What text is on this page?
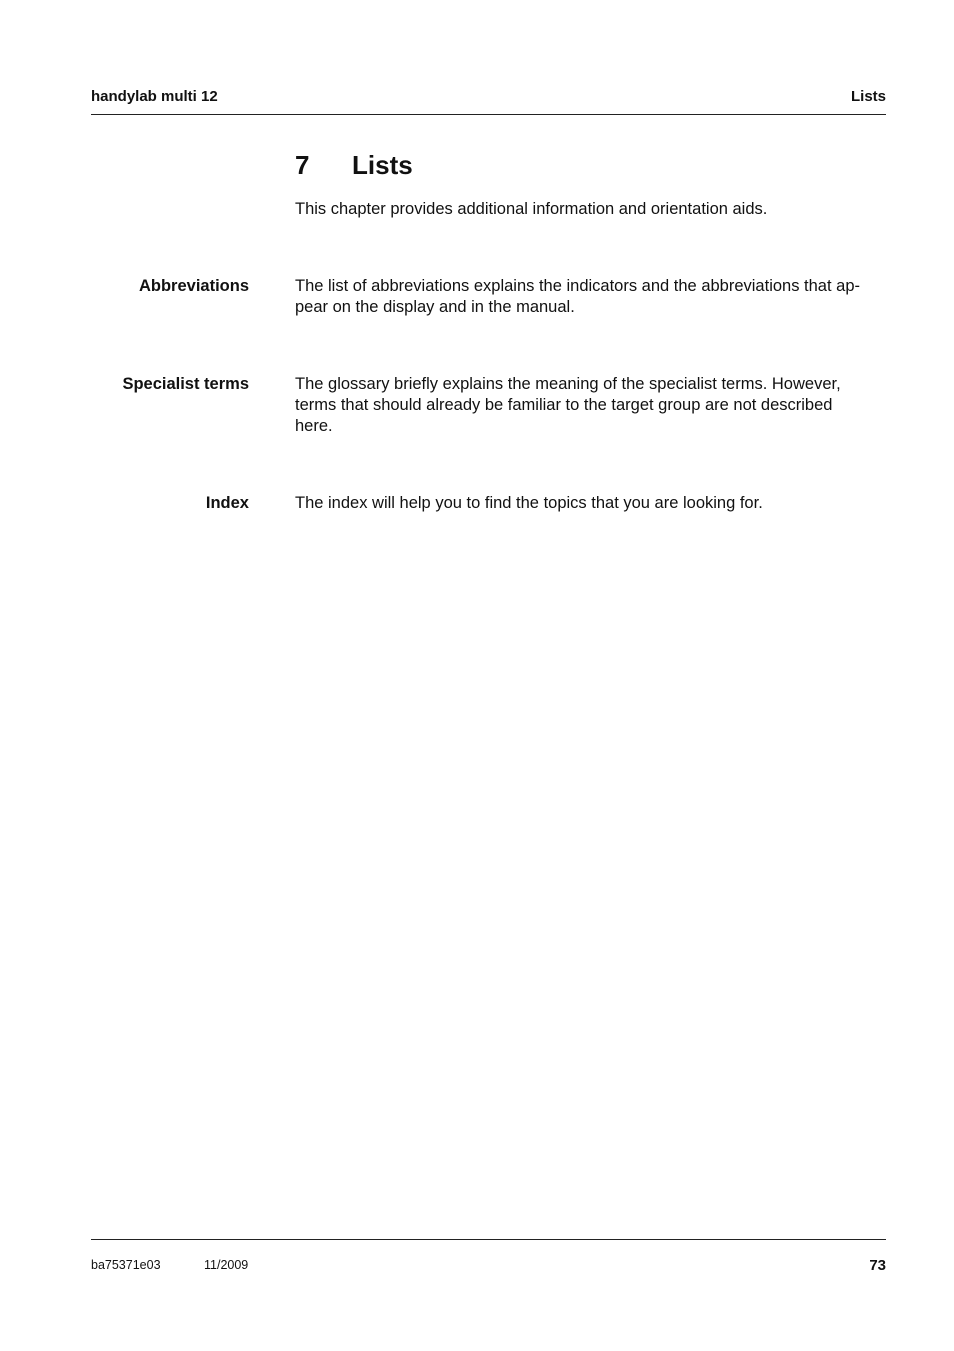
handylab multi 12	Lists
7 Lists
This chapter provides additional information and orientation aids.
Abbreviations	The list of abbreviations explains the indicators and the abbreviations that ap-
pear on the display and in the manual.
Specialist terms	The glossary briefly explains the meaning of the specialist terms. However,
terms that should already be familiar to the target group are not described
here.
Index	The index will help you to find the topics that you are looking for.
ba75371e03	11/2009	73
